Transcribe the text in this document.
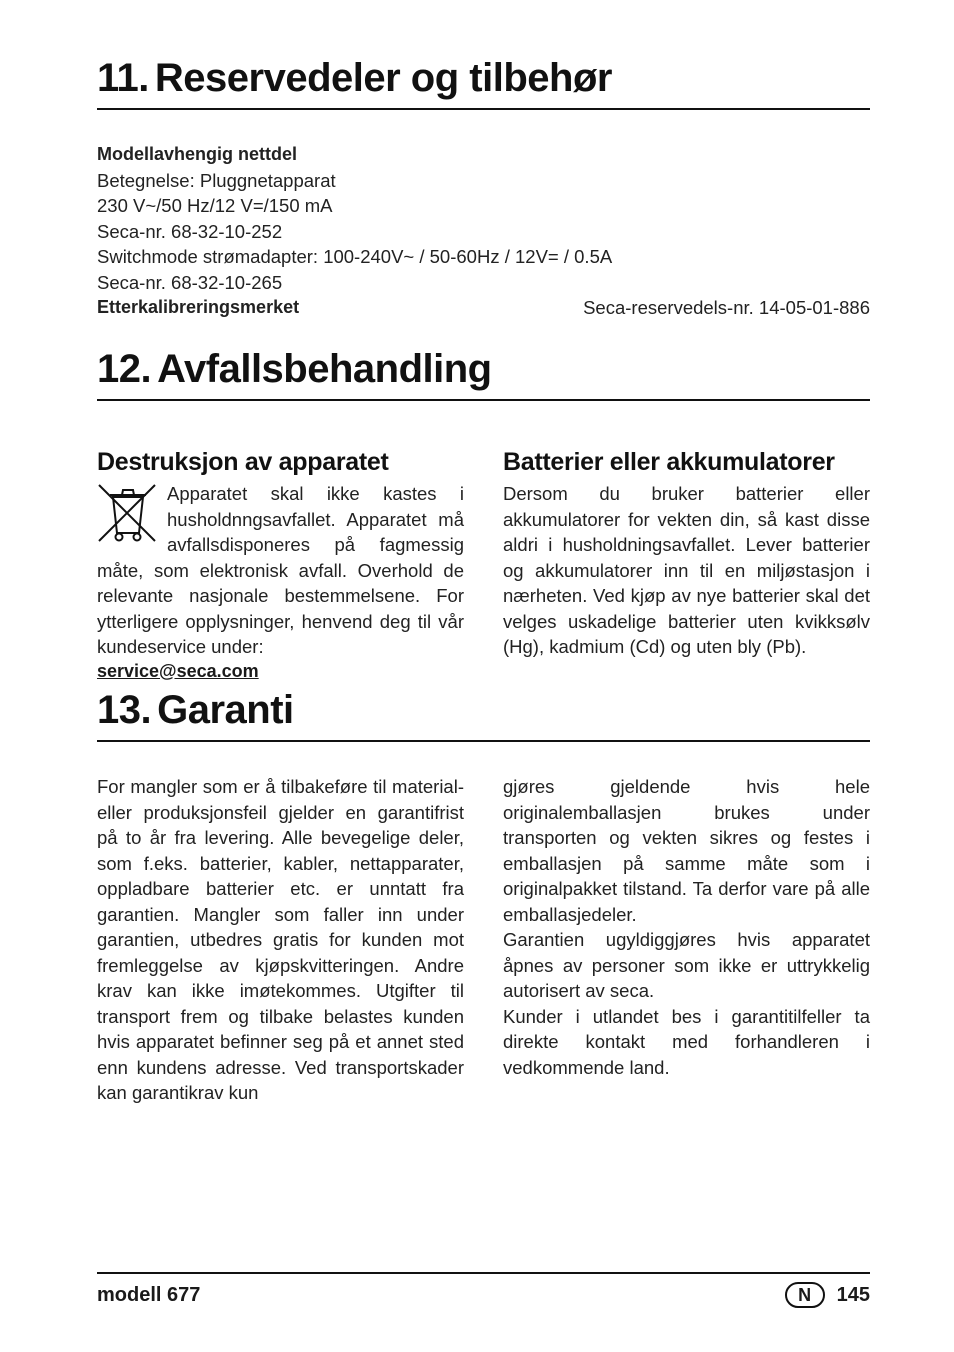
11. Reservedeler og tilbehør
Modellavhengig nettdel
Betegnelse: Pluggnetapparat
230 V~/50 Hz/12 V=/150 mA
Seca-nr. 68-32-10-252
Switchmode strømadapter: 100-240V~ / 50-60Hz / 12V= / 0.5A
Seca-nr. 68-32-10-265
Etterkalibreringsmerket	Seca-reservedels-nr. 14-05-01-886
12. Avfallsbehandling
Destruksjon av apparatet
Apparatet skal ikke kastes i husholdnngsavfallet. Apparatet må avfallsdisponeres på fagmessig måte, som elektronisk avfall. Overhold de relevante nasjonale bestemmelsene. For ytterligere opplysninger, henvend deg til vår kundeservice under:
service@seca.com
Batterier eller akkumulatorer
Dersom du bruker batterier eller akkumulatorer for vekten din, så kast disse aldri i husholdningsavfallet. Lever batterier og akkumulatorer inn til en miljøstasjon i nærheten. Ved kjøp av nye batterier skal det velges uskadelige batterier uten kvikksølv (Hg), kadmium (Cd) og uten bly (Pb).
13. Garanti

For mangler som er å tilbakeføre til material- eller produksjonsfeil gjelder en garantifrist på to år fra levering. Alle bevegelige deler, som f.eks. batterier, kabler, nettapparater, oppladbare batterier etc. er unntatt fra garantien. Mangler som faller inn under garantien, utbedres gratis for kunden mot fremleggelse av kjøpskvitteringen. Andre krav kan ikke imøtekommes. Utgifter til transport frem og tilbake belastes kunden hvis apparatet befinner seg på et annet sted enn kundens adresse. Ved transportskader kan garantikrav kun

gjøres gjeldende hvis hele originalemballasjen brukes under transporten og vekten sikres og festes i emballasjen på samme måte som i originalpakket tilstand. Ta derfor vare på alle emballasjedeler.

Garantien ugyldiggjøres hvis apparatet åpnes av personer som ikke er uttrykkelig autorisert av seca.

Kunder i utlandet bes i garantitilfeller ta direkte kontakt med forhandleren i vedkommende land.

modell 677	N	145
